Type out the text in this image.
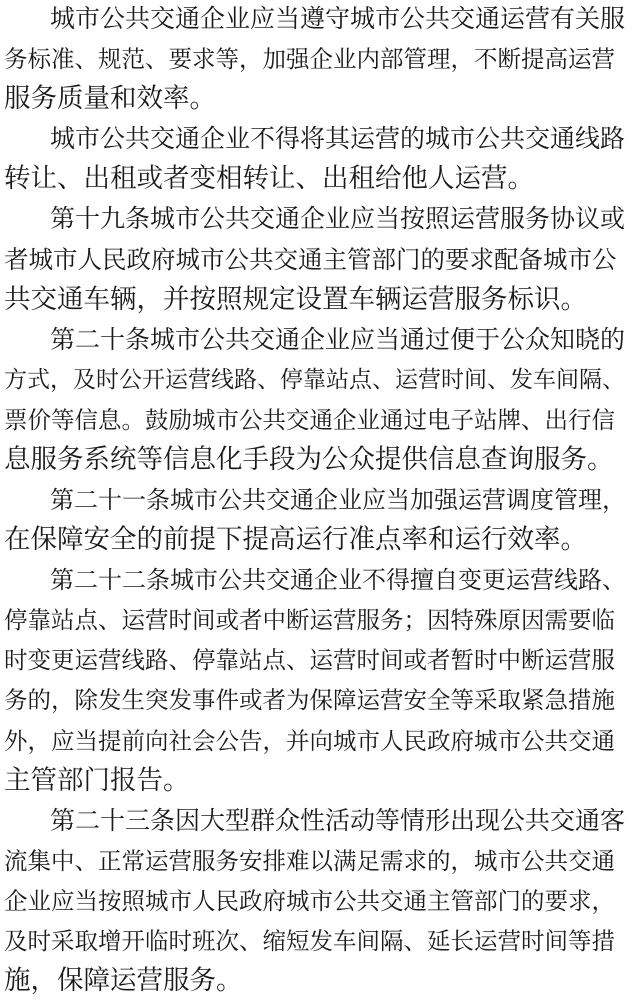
城市公共交通企业应当遵守城市公共交通运营有关服
务标准、规范、要求等，加强企业内部管理，不断提高运营
服务质量和效率。
城市公共交通企业不得将其运营的城市公共交通线路
转让、出租或者变相转让、出租给他人运营。
第十九条城市公共交通企业应当按照运营服务协议或
者城市人民政府城市公共交通主管部门的要求配备城市公
共交通车辆，并按照规定设置车辆运营服务标识。
第二十条城市公共交通企业应当通过便于公众知晓的
方式，及时公开运营线路、停靠站点、运营时间、发车间隔、
票价等信息。鼓励城市公共交通企业通过电子站牌、出行信
息服务系统等信息化手段为公众提供信息查询服务。
第二十一条城市公共交通企业应当加强运营调度管理，
在保障安全的前提下提高运行准点率和运行效率。
第二十二条城市公共交通企业不得擅自变更运营线路、
停靠站点、运营时间或者中断运营服务；因特殊原因需要临
时变更运营线路、停靠站点、运营时间或者暂时中断运营服
务的，除发生突发事件或者为保障运营安全等采取紧急措施
外，应当提前向社会公告，并向城市人民政府城市公共交通
主管部门报告。
第二十三条因大型群众性活动等情形出现公共交通客
流集中、正常运营服务安排难以满足需求的，城市公共交通
企业应当按照城市人民政府城市公共交通主管部门的要求，
及时采取增开临时班次、缩短发车间隔、延长运营时间等措
施，保障运营服务。
